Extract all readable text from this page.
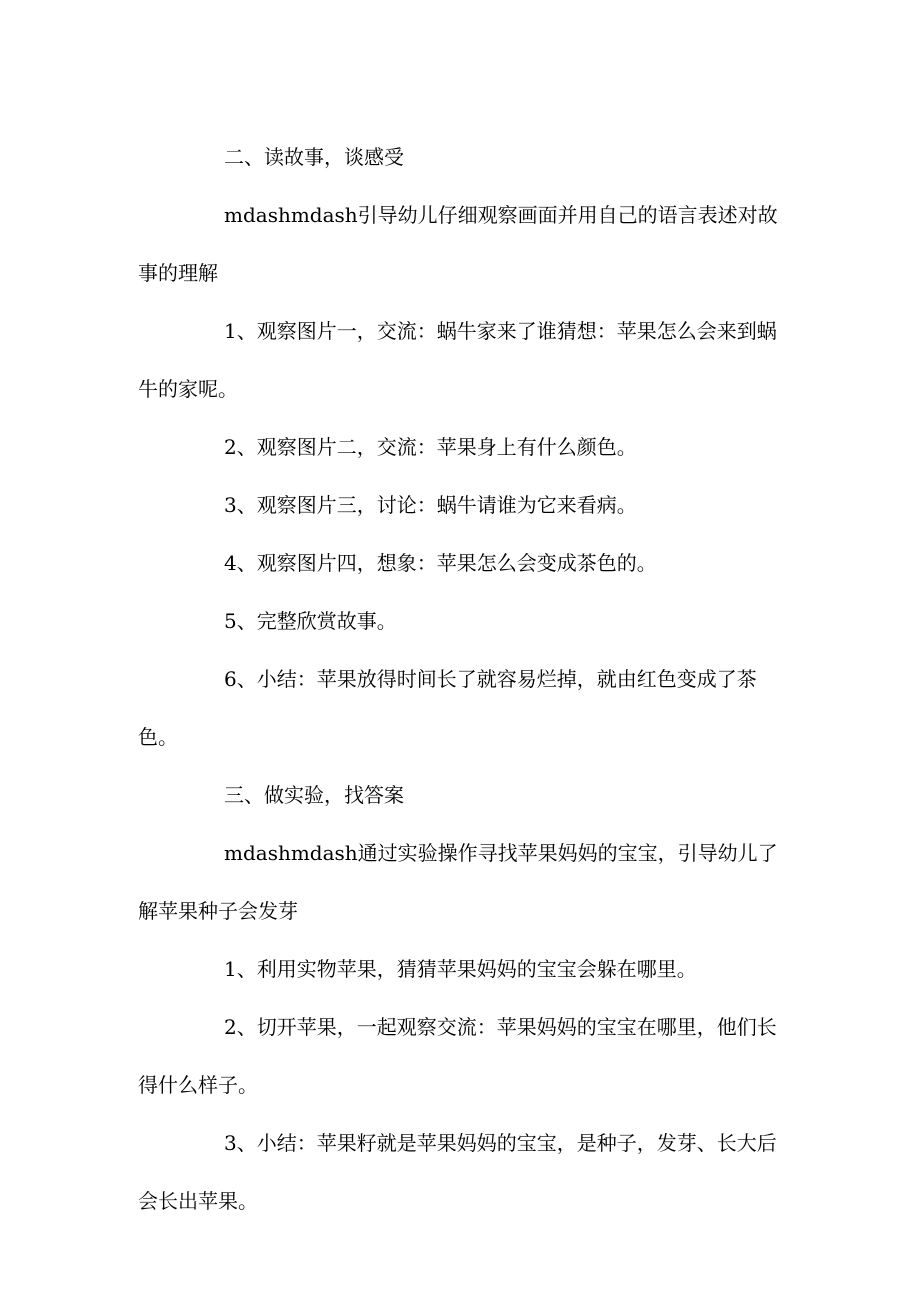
二、读故事，谈感受

mdashmdash引导幼儿仔细观察画面并用自己的语言表述对故事的理解

1、观察图片一，交流：蜗牛家来了谁猜想：苹果怎么会来到蜗牛的家呢。

2、观察图片二，交流：苹果身上有什么颜色。

3、观察图片三，讨论：蜗牛请谁为它来看病。

4、观察图片四，想象：苹果怎么会变成茶色的。

5、完整欣赏故事。

6、小结：苹果放得时间长了就容易烂掉，就由红色变成了茶色。

三、做实验，找答案

mdashmdash通过实验操作寻找苹果妈妈的宝宝，引导幼儿了解苹果种子会发芽

1、利用实物苹果，猜猜苹果妈妈的宝宝会躲在哪里。

2、切开苹果，一起观察交流：苹果妈妈的宝宝在哪里，他们长得什么样子。

3、小结：苹果籽就是苹果妈妈的宝宝，是种子，发芽、长大后会长出苹果。
